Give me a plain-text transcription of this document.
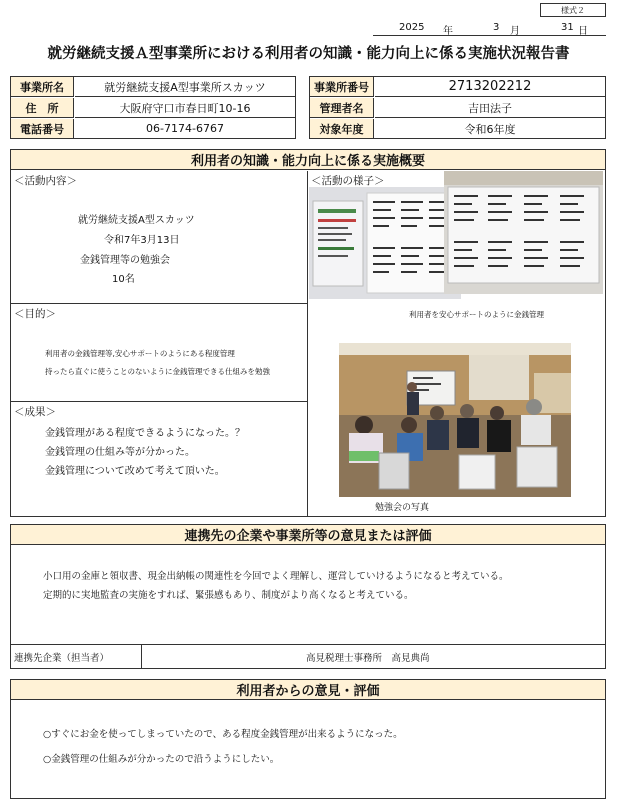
様式２
2025 年	3 月	31 日
就労継続支援Ａ型事業所における利用者の知識・能力向上に係る実施状況報告書
事業所名	就労継続支援A型事業所スカッツ
住　所	大阪府守口市春日町10-16
電話番号	06-7174-6767
事業所番号	2713202212
管理者名	吉田法子
対象年度	令和6年度
利用者の知識・能力向上に係る実施概要
＜活動内容＞
就労継続支援A型スカッツ
令和7年3月13日
金銭管理等の勉強会
10名
＜目的＞
利用者の金銭管理等,安心サポートのようにある程度管理
持ったら直ぐに使うことのないように金銭管理できる仕組みを勉強
＜成果＞
金銭管理がある程度できるようになった。？
金銭管理の仕組み等が分かった。
金銭管理について改めて考えて頂いた。
＜活動の様子＞
利用者を安心サポートのように金銭管理
勉強会の写真
連携先の企業や事業所等の意見または評価
小口用の金庫と領収書、現金出納帳の関連性を今回でよく理解し、運営していけるようになると考えている。
定期的に実地監査の実施をすれば、緊張感もあり、制度がより高くなると考えている。
連携先企業（担当者）	高見税理士事務所　高見典尚
利用者からの意見・評価
○すぐにお金を使ってしまっていたので、ある程度金銭管理が出来るようになった。
○金銭管理の仕組みが分かったので沿うようにしたい。
